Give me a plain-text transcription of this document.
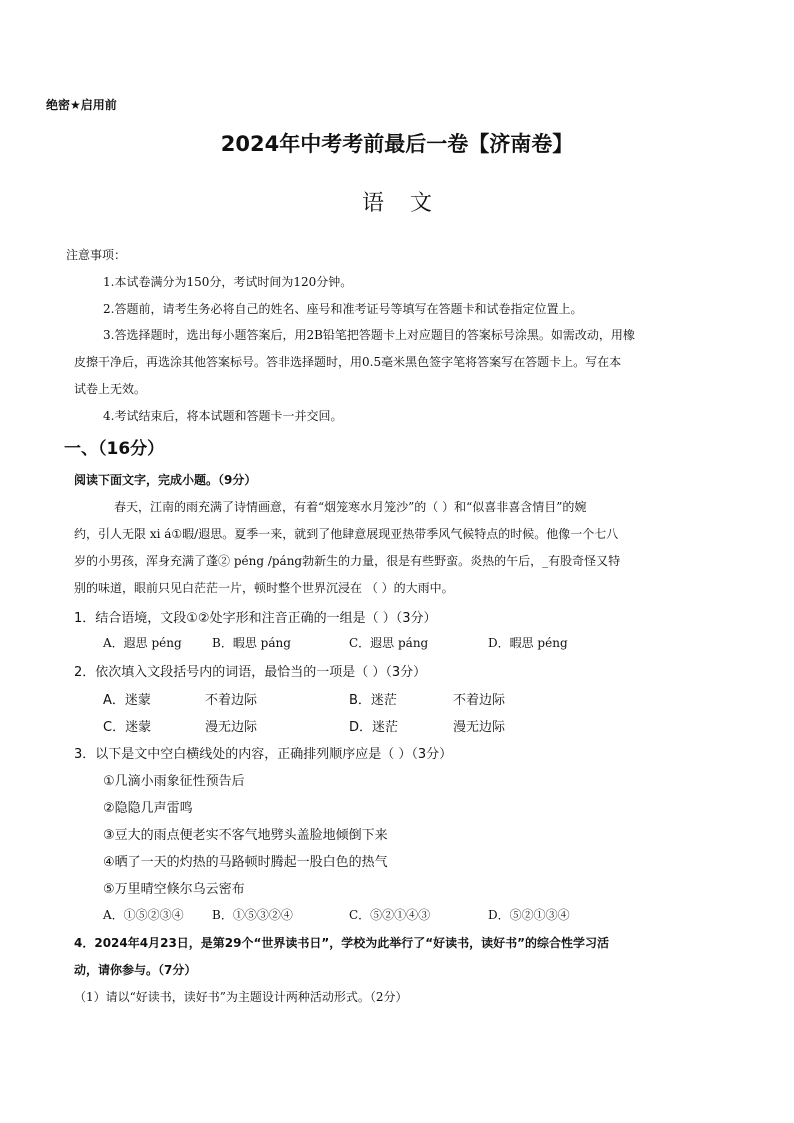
绝密★启用前
2024年中考考前最后一卷【济南卷】
语文
注意事项：
1.本试卷满分为150分，考试时间为120分钟。
2.答题前，请考生务必将自己的姓名、座号和准考证号等填写在答题卡和试卷指定位置上。
3.答选择题时，选出每小题答案后，用2B铅笔把答题卡上对应题目的答案标号涂黑。如需改动，用橡
皮擦干净后，再选涂其他答案标号。答非选择题时，用0.5毫米黑色签字笔将答案写在答题卡上。写在本
试卷上无效。
4.考试结束后，将本试题和答题卡一并交回。
一、（16分）
阅读下面文字，完成小题。（9分）
春天，江南的雨充满了诗情画意，有着“烟笼寒水月笼沙”的（ ）和“似喜非喜含情目”的婉
约，引人无限 xi á①暇/遐思。夏季一来，就到了他肆意展现亚热带季风气候特点的时候。他像一个七八
岁的小男孩，浑身充满了蓬② péng /páng勃新生的力量，很是有些野蛮。炎热的午后，_有股奇怪又特
别的味道，眼前只见白茫茫一片，顿时整个世界沉浸在 （ ）的大雨中。
1．结合语境，文段①②处字形和注音正确的一组是（ ）（3分）
A．遐思 péng	B．暇思 páng	C．遐思 páng	D．暇思 péng
2．依次填入文段括号内的词语，最恰当的一项是（ ）（3分）
A．迷蒙	不着边际	B．迷茫	不着边际
C．迷蒙	漫无边际	D．迷茫	漫无边际
3．以下是文中空白横线处的内容，正确排列顺序应是（ ）（3分）
①几滴小雨象征性预告后
②隐隐几声雷鸣
③豆大的雨点便老实不客气地劈头盖脸地倾倒下来
④晒了一天的灼热的马路顿时腾起一股白色的热气
⑤万里晴空倏尔乌云密布
A．①⑤②③④ B．①⑤③②④	C．⑤②①④③	D．⑤②①③④
4．2024年4月23日，是第29个“世界读书日”，学校为此举行了“好读书，读好书”的综合性学习活
动，请你参与。（7分）
（1）请以“好读书，读好书”为主题设计两种活动形式。（2分）
